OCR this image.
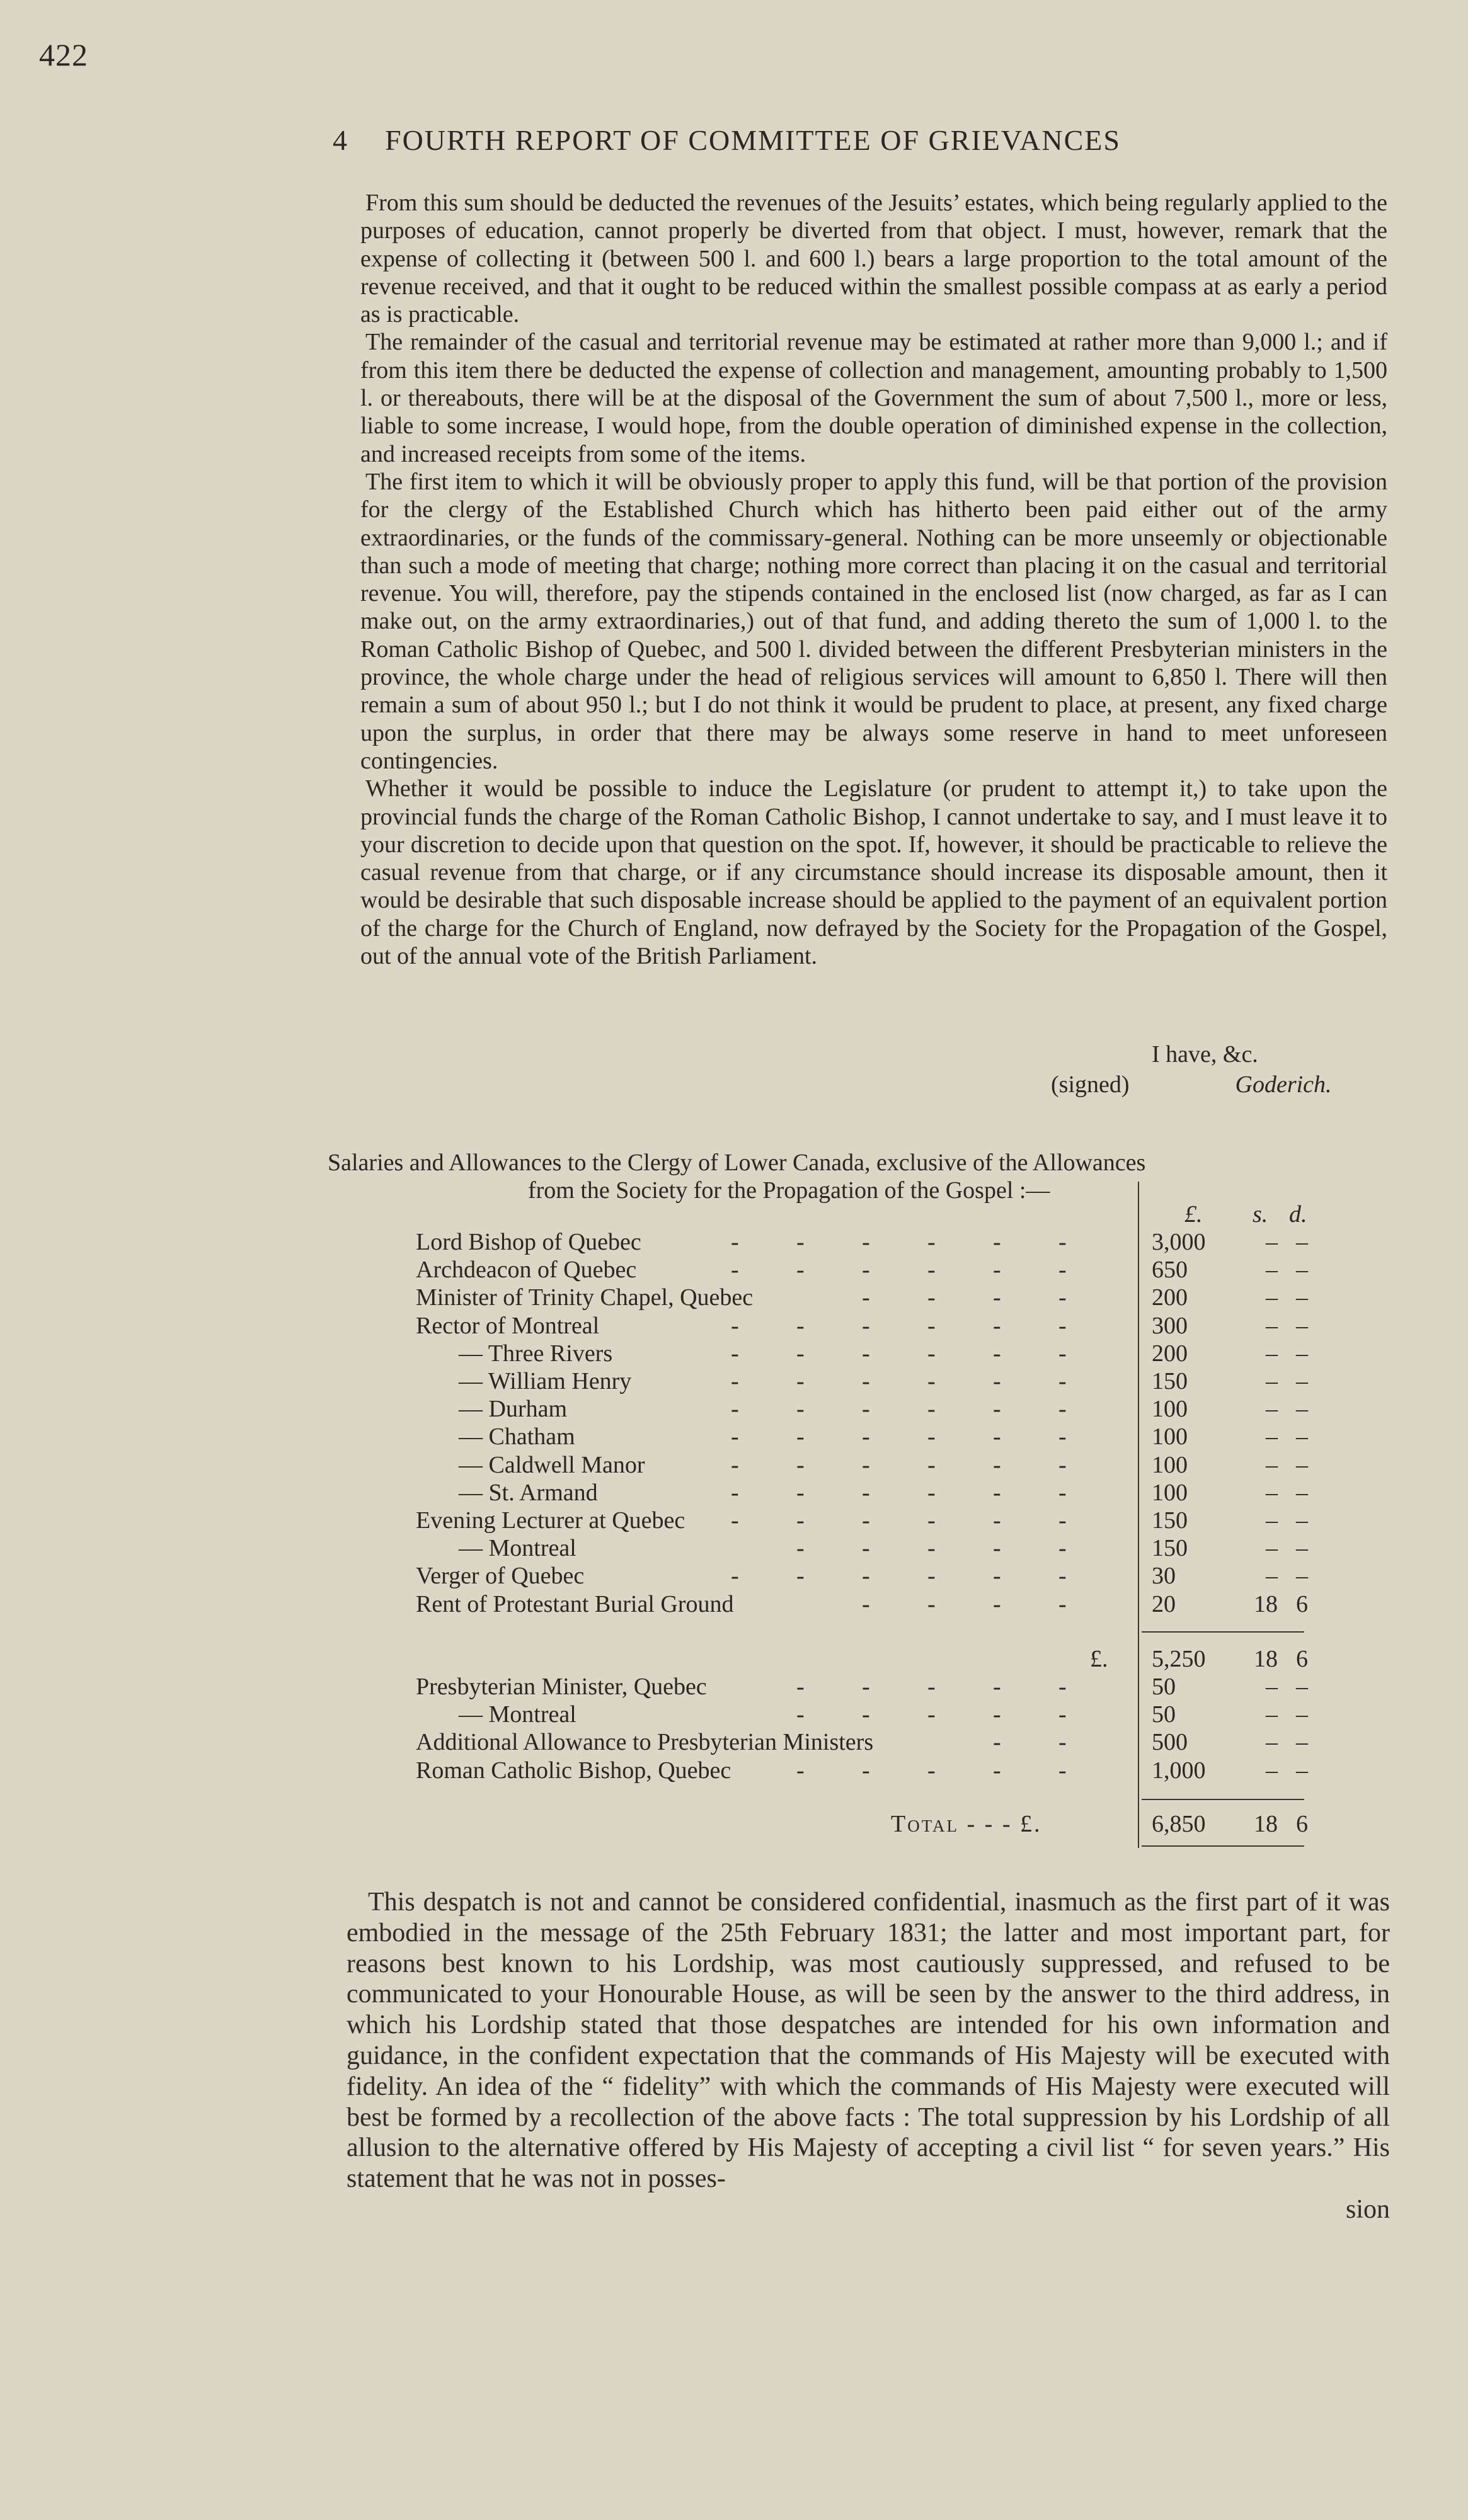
422
4 FOURTH REPORT OF COMMITTEE OF GRIEVANCES

From this sum should be deducted the revenues of the Jesuits’ estates, which being regularly applied to the purposes of education, cannot properly be diverted from that object. I must, however, remark that the expense of collecting it (between 500 l. and 600 l.) bears a large proportion to the total amount of the revenue received, and that it ought to be reduced within the smallest possible compass at as early a period as is practicable.

The remainder of the casual and territorial revenue may be estimated at rather more than 9,000 l.; and if from this item there be deducted the expense of collection and management, amounting probably to 1,500 l. or thereabouts, there will be at the disposal of the Government the sum of about 7,500 l., more or less, liable to some increase, I would hope, from the double operation of diminished expense in the collection, and increased receipts from some of the items.

The first item to which it will be obviously proper to apply this fund, will be that portion of the provision for the clergy of the Established Church which has hitherto been paid either out of the army extraordinaries, or the funds of the commissary-general. Nothing can be more unseemly or objectionable than such a mode of meeting that charge; nothing more correct than placing it on the casual and territorial revenue. You will, therefore, pay the stipends contained in the enclosed list (now charged, as far as I can make out, on the army extraordinaries,) out of that fund, and adding thereto the sum of 1,000 l. to the Roman Catholic Bishop of Quebec, and 500 l. divided between the different Presbyterian ministers in the province, the whole charge under the head of religious services will amount to 6,850 l. There will then remain a sum of about 950 l.; but I do not think it would be prudent to place, at present, any fixed charge upon the surplus, in order that there may be always some reserve in hand to meet unforeseen contingencies.

Whether it would be possible to induce the Legislature (or prudent to attempt it,) to take upon the provincial funds the charge of the Roman Catholic Bishop, I cannot undertake to say, and I must leave it to your discretion to decide upon that question on the spot. If, however, it should be practicable to relieve the casual revenue from that charge, or if any circumstance should increase its disposable amount, then it would be desirable that such disposable increase should be applied to the payment of an equivalent portion of the charge for the Church of England, now defrayed by the Society for the Propagation of the Gospel, out of the annual vote of the British Parliament.

I have, &c.
(signed)	Goderich.
Salaries and Allowances to the Clergy of Lower Canada, exclusive of the Allowances
from the Society for the Propagation of the Gospel :—
£. s. d.
Lord Bishop of Quebec	- - - - - -	3,000	– –
Archdeacon of Quebec	- - - - - -	650	– –
Minister of Trinity Chapel, Quebec	- - - -	200	– –
Rector of Montreal	- - - - - -	300	– –
— Three Rivers	- - - - - -	200	– –
— William Henry	- - - - - -	150	– –
— Durham	- - - - - -	100	– –
— Chatham	- - - - - -	100	– –
— Caldwell Manor	- - - - - -	100	– –
— St. Armand	- - - - - -	100	– –
Evening Lecturer at Quebec - - - - - -	150	– –
— Montreal	- - - - -	150	– –
Verger of Quebec	- - - - - -	30	– –
Rent of Protestant Burial Ground	- - - -	20	18 6
£. 5,250	18 6
Presbyterian Minister, Quebec	- - - - -	50	– –
— Montreal	- - - - -	50	– –
Additional Allowance to Presbyterian Ministers	- -	500	– –
Roman Catholic Bishop, Quebec	- - - - -	1,000	– –
Total - - - £.	6,850	18 6

This despatch is not and cannot be considered confidential, inasmuch as the first part of it was embodied in the message of the 25th February 1831; the latter and most important part, for reasons best known to his Lordship, was most cautiously suppressed, and refused to be communicated to your Honourable House, as will be seen by the answer to the third address, in which his Lordship stated that those despatches are intended for his own information and guidance, in the confident expectation that the commands of His Majesty will be executed with fidelity. An idea of the “ fidelity” with which the commands of His Majesty were executed will best be formed by a recollection of the above facts : The total suppression by his Lordship of all allusion to the alternative offered by His Majesty of accepting a civil list “ for seven years.” His statement that he was not in posses-

sion
